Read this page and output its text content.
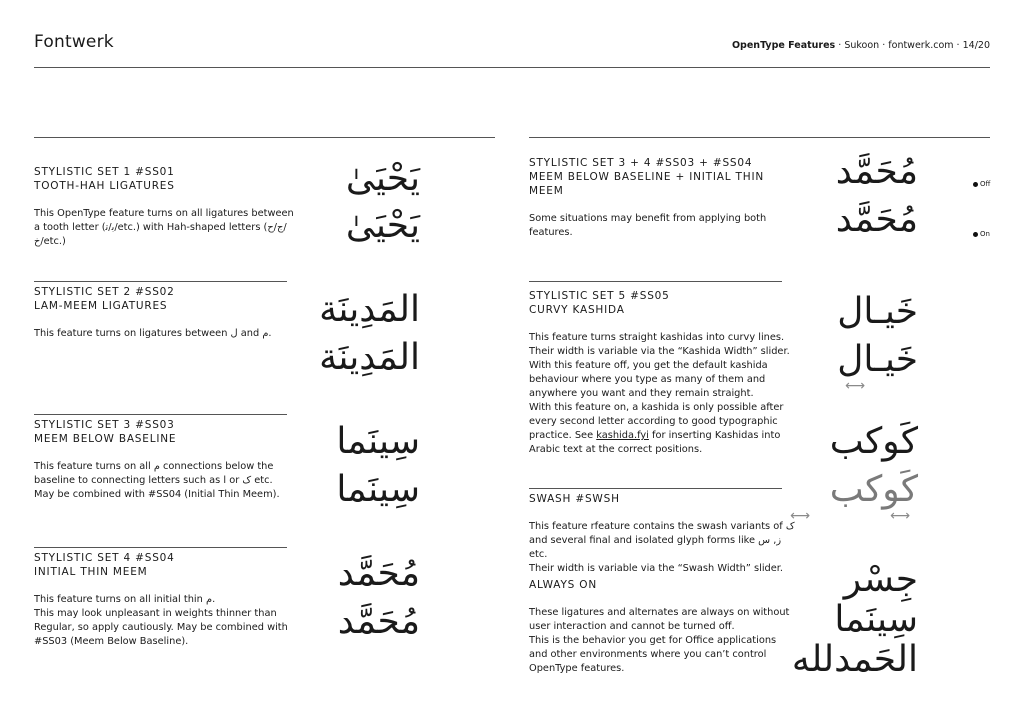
Fontwerk	OpenType Features · Sukoon · fontwerk.com · 14/20
STYLISTIC SET 1 #SS01
TOOTH-HAH LIGATURES
This OpenType feature turns on all ligatures between
a tooth letter (ﺑ/ﺗ/etc.) with Hah-shaped letters (ﺝ/ﺡ/
ﺥ/etc.)
يَحْيَىٰ
يَحْيَىٰ
STYLISTIC SET 2 #SS02
LAM-MEEM LIGATURES
This feature turns on ligatures between ل and م.
المَدِينَة
المَدِينَة
STYLISTIC SET 3 #SS03
MEEM BELOW BASELINE
This feature turns on all م connections below the
baseline to connecting letters such as ا or ک etc.
May be combined with #SS04 (Initial Thin Meem).
سِينَما
سِينَما
STYLISTIC SET 4 #SS04
INITIAL THIN MEEM
This feature turns on all initial thin م.
This may look unpleasant in weights thinner than
Regular, so apply cautiously. May be combined with
#SS03 (Meem Below Baseline).
مُحَمَّد
مُحَمَّد
STYLISTIC SET 3 + 4 #SS03 + #SS04
MEEM BELOW BASELINE + INITIAL THIN
MEEM
Some situations may benefit from applying both
features.
مُحَمَّد
مُحَمَّد
Off
On
STYLISTIC SET 5 #SS05
CURVY KASHIDA
This feature turns straight kashidas into curvy lines.
Their width is variable via the “Kashida Width” slider.
With this feature off, you get the default kashida
behaviour where you type as many of them and
anywhere you want and they remain straight.
With this feature on, a kashida is only possible after
every second letter according to good typographic
practice. See kashida.fyi for inserting Kashidas into
Arabic text at the correct positions.
خَيـال
خَيـال
⟷
SWASH #SWSH
This feature rfeature contains the swash variants of ک
and several final and isolated glyph forms like ﺯ, ﺱ etc.
Their width is variable via the “Swash Width” slider.
کَوکب
کَوکب
⟷	⟷
ALWAYS ON
These ligatures and alternates are always on without
user interaction and cannot be turned off.
This is the behavior you get for Office applications
and other environments where you can’t control
OpenType features.
جِسْر
سِينَما
الحَمدلله
